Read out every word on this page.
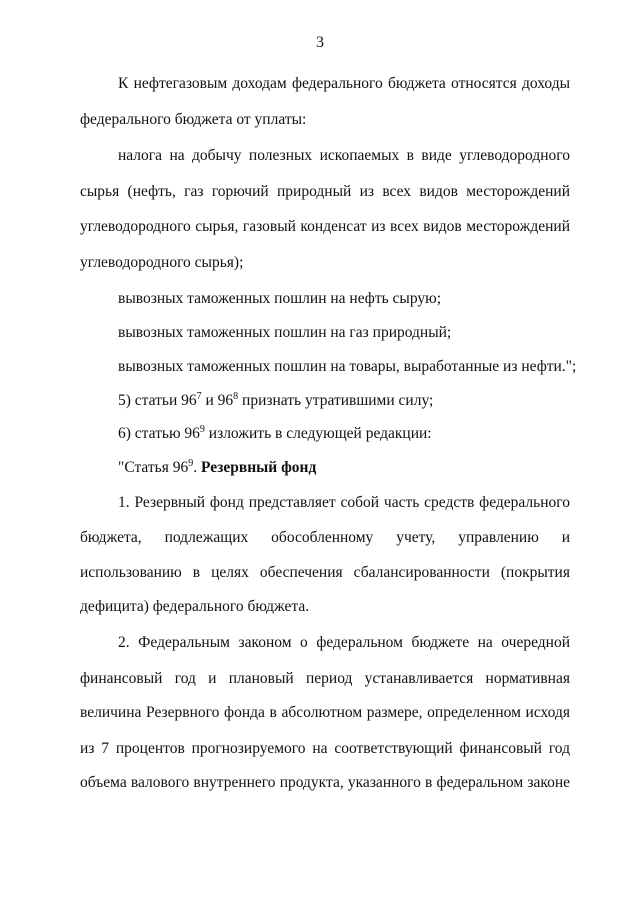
3
К нефтегазовым доходам федерального бюджета относятся доходы
федерального бюджета от уплаты:
налога на добычу полезных ископаемых в виде углеводородного
сырья (нефть, газ горючий природный из всех видов месторождений
углеводородного сырья, газовый конденсат из всех видов месторождений
углеводородного сырья);
вывозных таможенных пошлин на нефть сырую;
вывозных таможенных пошлин на газ природный;
вывозных таможенных пошлин на товары, выработанные из нефти.";
5) статьи $96^7$ и $96^8$ признать утратившими силу;
6) статью $96^9$ изложить в следующей редакции:
"Статья $96^9$. Резервный фонд
1. Резервный фонд представляет собой часть средств федерального
бюджета, подлежащих обособленному учету, управлению и
использованию в целях обеспечения сбалансированности (покрытия
дефицита) федерального бюджета.
2. Федеральным законом о федеральном бюджете на очередной
финансовый год и плановый период устанавливается нормативная
величина Резервного фонда в абсолютном размере, определенном исходя
из 7 процентов прогнозируемого на соответствующий финансовый год
объема валового внутреннего продукта, указанного в федеральном законе
